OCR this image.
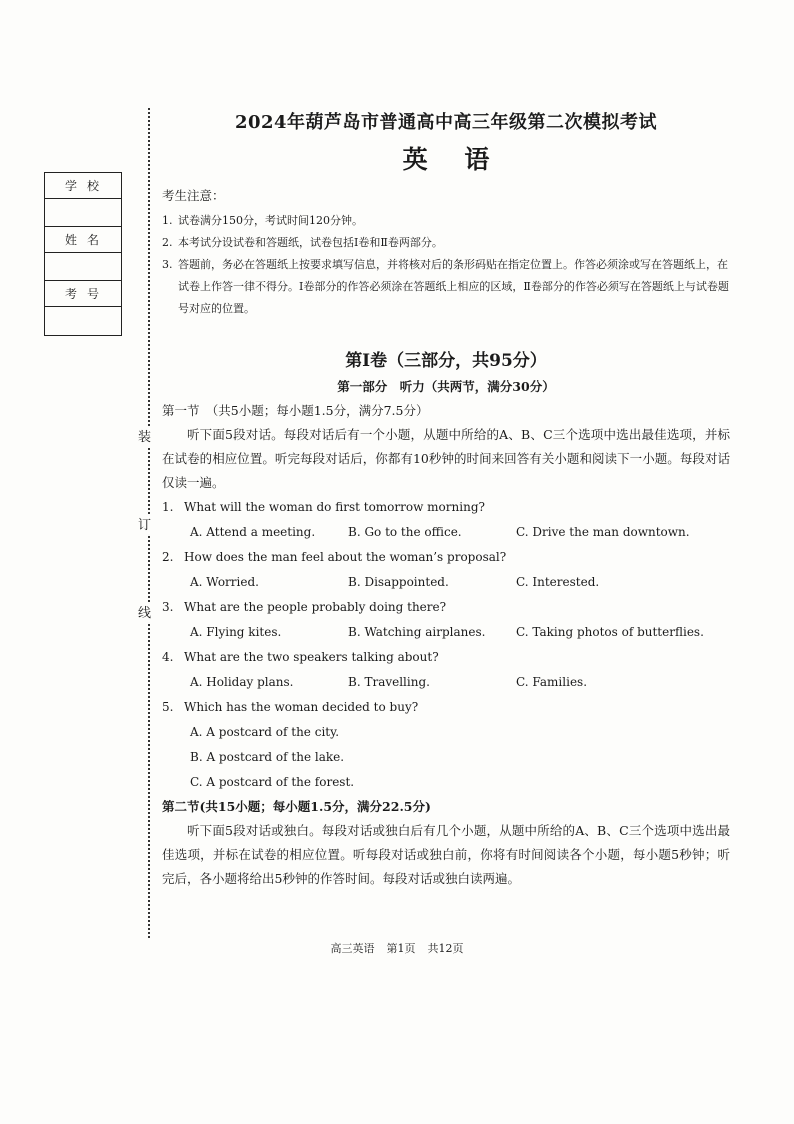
装
订
线
学校
姓名
考号
2024年葫芦岛市普通高中高三年级第二次模拟考试
英 语

考生注意：

1. 试卷满分150分，考试时间120分钟。
2. 本考试分设试卷和答题纸，试卷包括Ⅰ卷和Ⅱ卷两部分。
3. 答题前，务必在答题纸上按要求填写信息，并将核对后的条形码贴在指定位置上。作答必须涂或写在答题纸上，在试卷上作答一律不得分。Ⅰ卷部分的作答必须涂在答题纸上相应的区域，Ⅱ卷部分的作答必须写在答题纸上与试卷题号对应的位置。
第Ⅰ卷（三部分，共95分）

第一部分　听力（共两节，满分30分）

第一节　（共5小题；每小题1.5分，满分7.5分）

听下面5段对话。每段对话后有一个小题，从题中所给的A、B、C三个选项中选出最佳选项，并标在试卷的相应位置。听完每段对话后，你都有10秒钟的时间来回答有关小题和阅读下一小题。每段对话仅读一遍。

1. What will the woman do first tomorrow morning?

A. Attend a meeting.	B. Go to the office.	C. Drive the man downtown.

2. How does the man feel about the woman’s proposal?

A. Worried.	B. Disappointed.	C. Interested.

3. What are the people probably doing there?

A. Flying kites.	B. Watching airplanes.	C. Taking photos of butterflies.

4. What are the two speakers talking about?

A. Holiday plans.	B. Travelling.	C. Families.

5. Which has the woman decided to buy?

A. A postcard of the city.

B. A postcard of the lake.

C. A postcard of the forest.

第二节(共15小题；每小题1.5分，满分22.5分)

听下面5段对话或独白。每段对话或独白后有几个小题，从题中所给的A、B、C三个选项中选出最佳选项，并标在试卷的相应位置。听每段对话或独白前，你将有时间阅读各个小题，每小题5秒钟；听完后，各小题将给出5秒钟的作答时间。每段对话或独白读两遍。

高三英语 第1页 共12页
